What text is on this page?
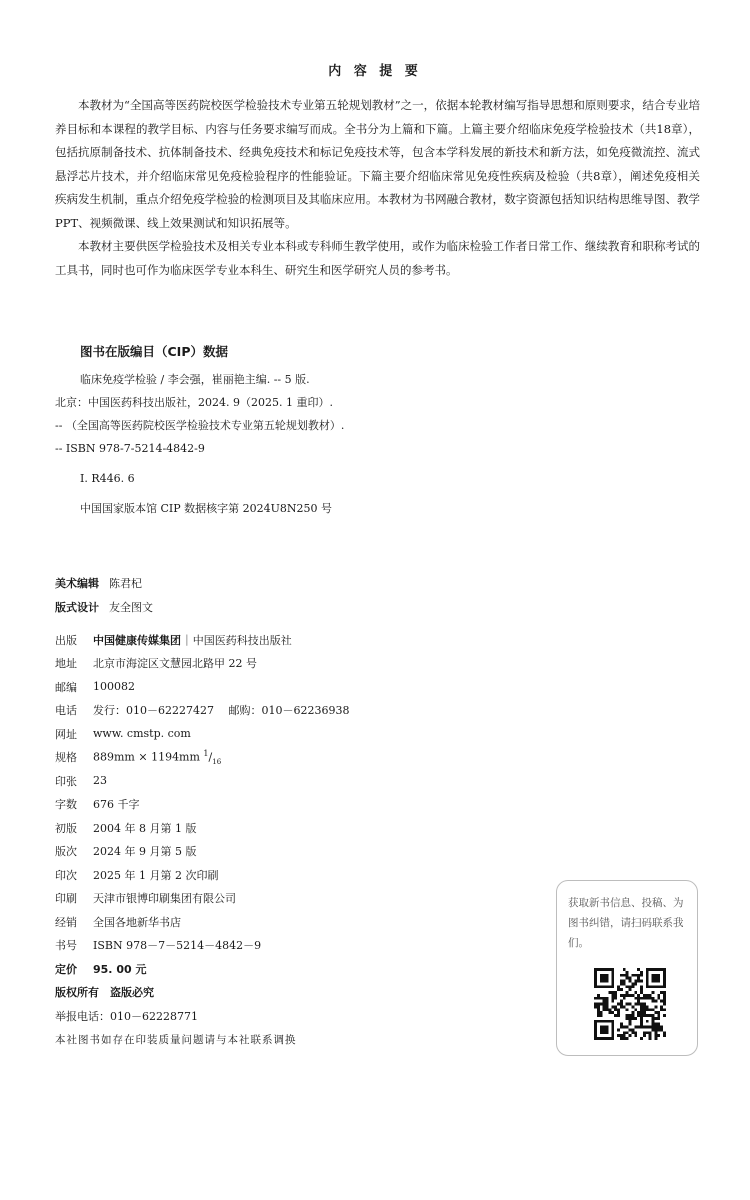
内 容 提 要

本教材为“全国高等医药院校医学检验技术专业第五轮规划教材”之一，依据本轮教材编写指导思想和原则要求，结合专业培养目标和本课程的教学目标、内容与任务要求编写而成。全书分为上篇和下篇。上篇主要介绍临床免疫学检验技术（共18章），包括抗原制备技术、抗体制备技术、经典免疫技术和标记免疫技术等，包含本学科发展的新技术和新方法，如免疫微流控、流式悬浮芯片技术，并介绍临床常见免疫检验程序的性能验证。下篇主要介绍临床常见免疫性疾病及检验（共8章），阐述免疫相关疾病发生机制，重点介绍免疫学检验的检测项目及其临床应用。本教材为书网融合教材，数字资源包括知识结构思维导图、教学PPT、视频微课、线上效果测试和知识拓展等。

本教材主要供医学检验技术及相关专业本科或专科师生教学使用，或作为临床检验工作者日常工作、继续教育和职称考试的工具书，同时也可作为临床医学专业本科生、研究生和医学研究人员的参考书。

图书在版编目（CIP）数据
临床免疫学检验 / 李会强，崔丽艳主编. -- 5 版.
北京：中国医药科技出版社，2024. 9（2025. 1 重印）.
-- （全国高等医药院校医学检验技术专业第五轮规划教材）.
-- ISBN 978-7-5214-4842-9
Ⅰ. R446. 6
中国国家版本馆 CIP 数据核字第 2024U8N250 号
美术编辑 陈君杞
版式设计 友全图文
出版	中国健康传媒集团 | 中国医药科技出版社
地址	北京市海淀区文慧园北路甲 22 号
邮编	100082
电话	发行：010－62227427　 邮购：010－62236938
网址	www. cmstp. com
规格	889mm × 1194mm $^1/_{16}$
印张	23
字数	676 千字
初版	2004 年 8 月第 1 版
版次	2024 年 9 月第 5 版
印次	2025 年 1 月第 2 次印刷
印刷	天津市银博印刷集团有限公司
经销	全国各地新华书店
书号	ISBN 978－7－5214－4842－9
定价	95. 00 元
版权所有　盗版必究
举报电话：010－62228771
本社图书如存在印装质量问题请与本社联系调换
获取新书信息、投稿、为图书纠错，请扫码联系我们。
